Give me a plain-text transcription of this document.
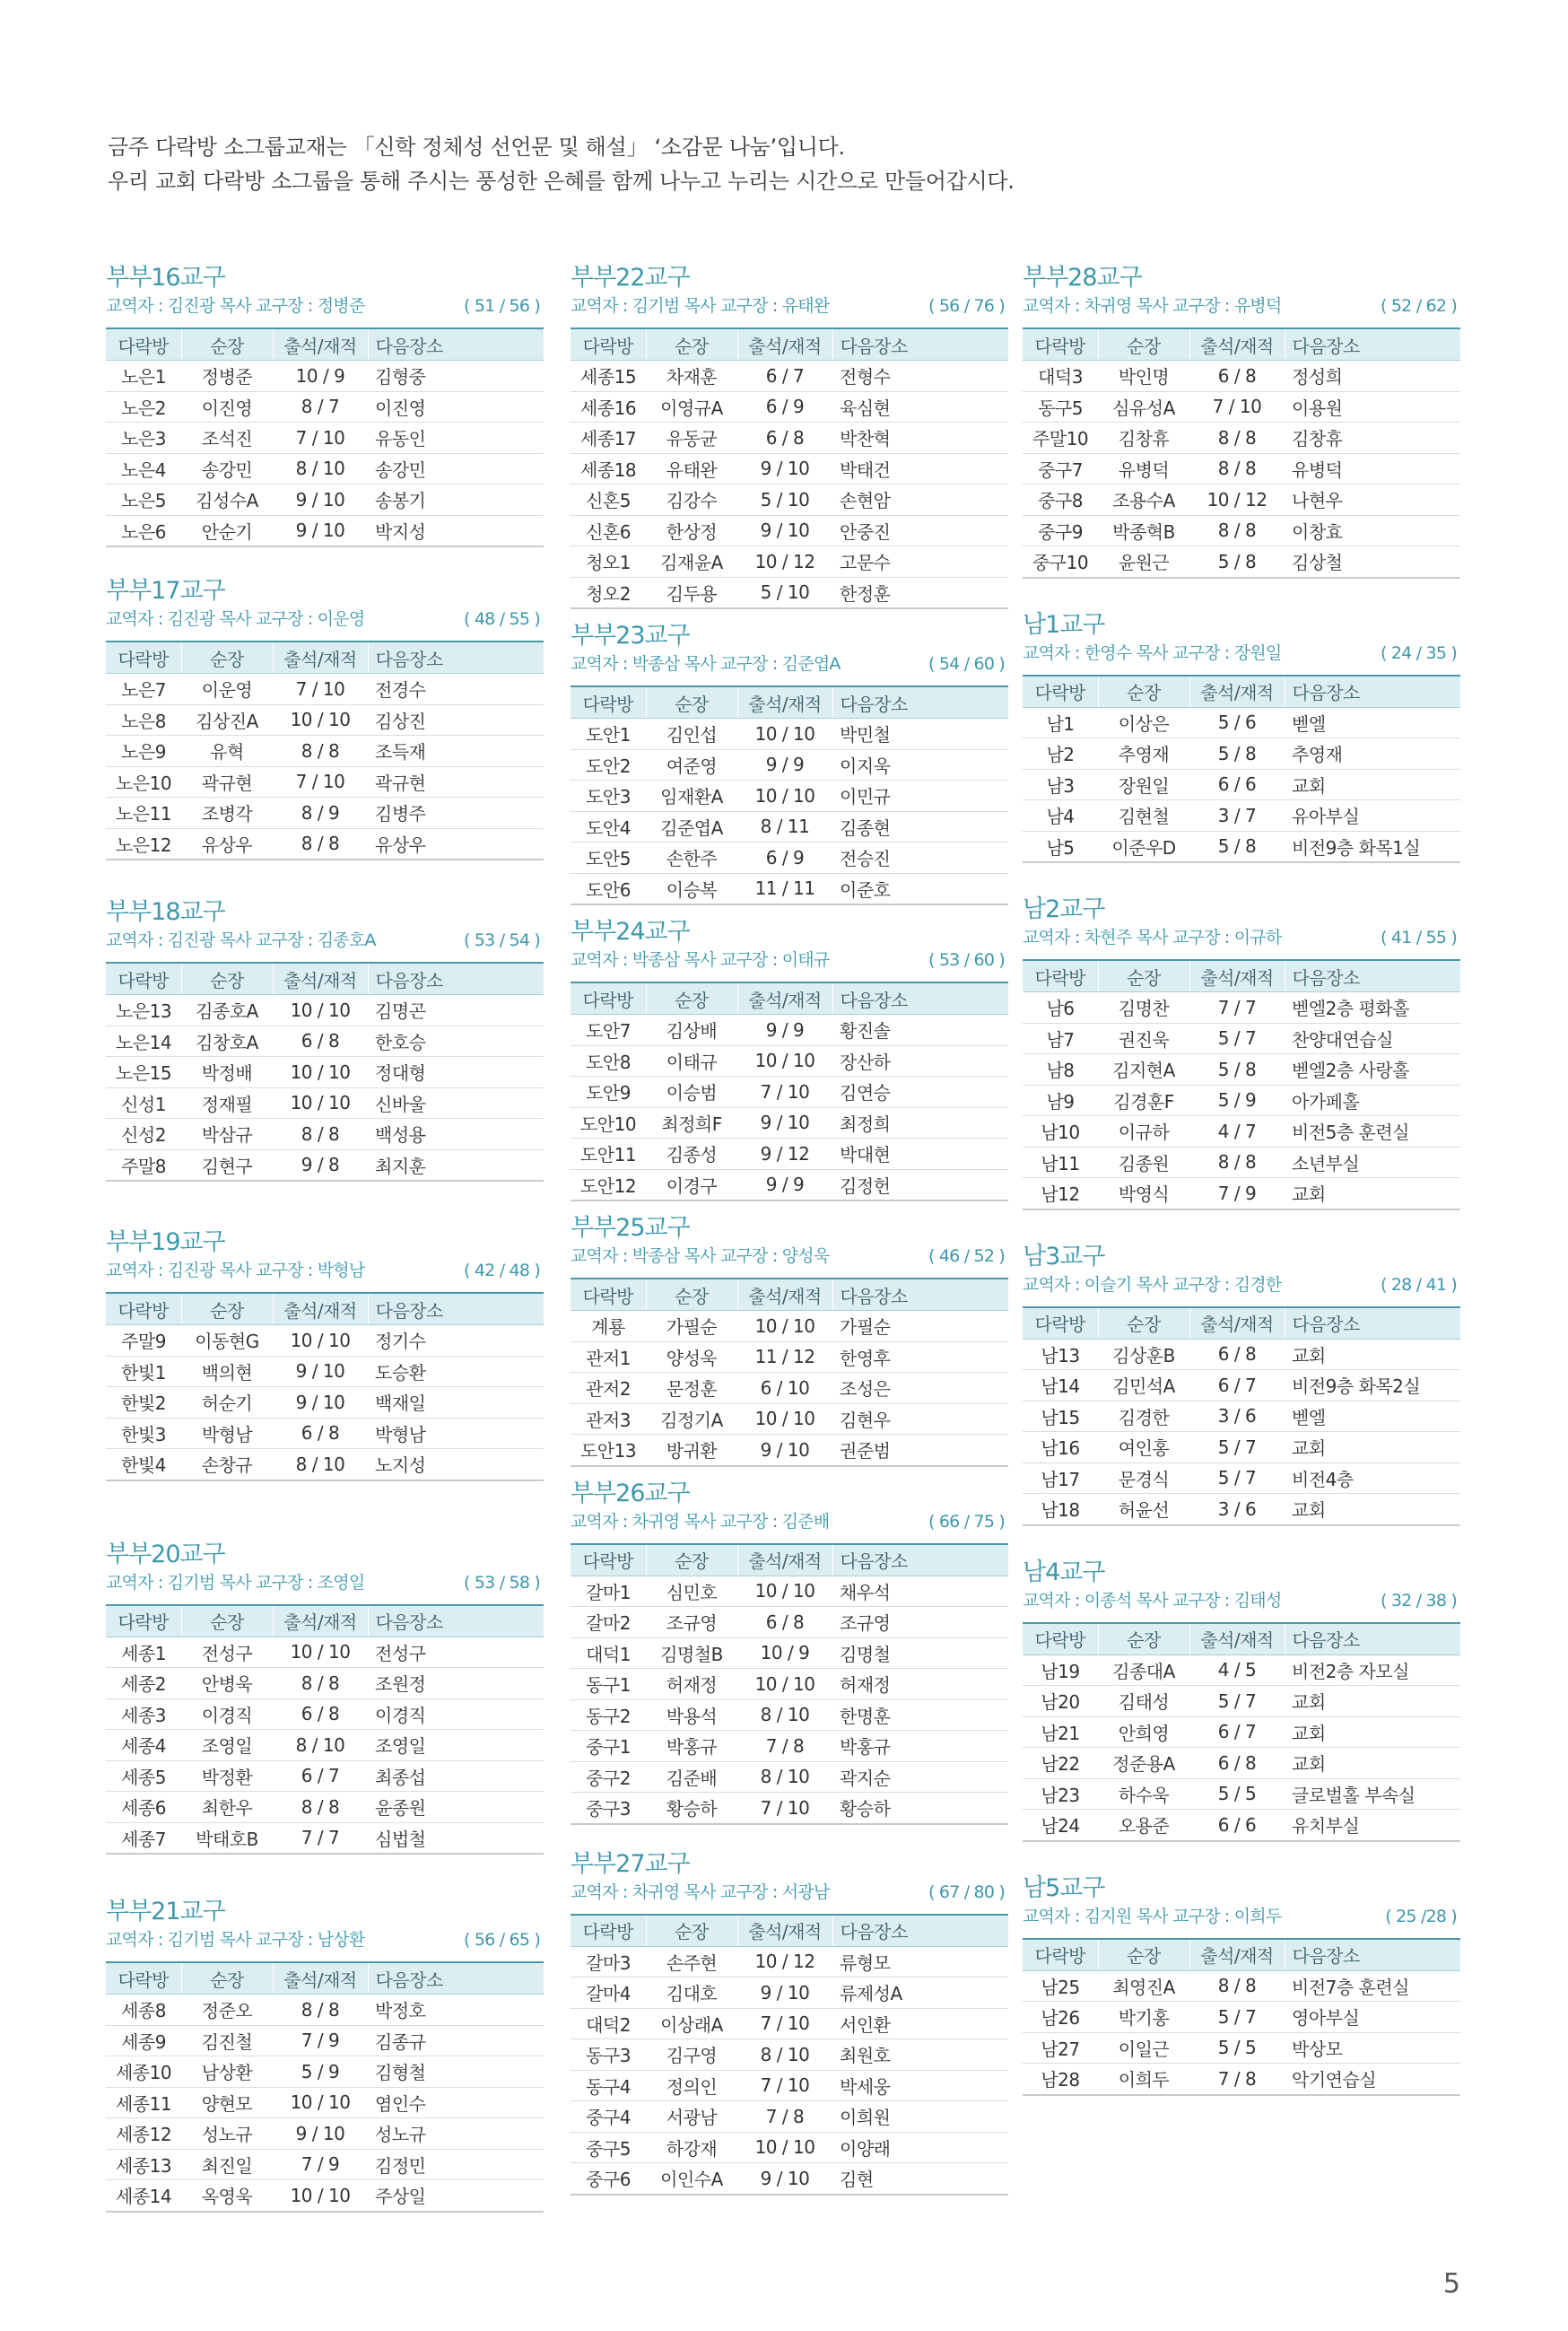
금주 다락방 소그룹교재는 「신학 정체성 선언문 및 해설」 ‘소감문 나눔’입니다.
우리 교회 다락방 소그룹을 통해 주시는 풍성한 은혜를 함께 나누고 누리는 시간으로 만들어갑시다.
부부16교구
교역자 : 김진광 목사 교구장 : 정병준	( 51 / 56 )
다락방	순장	출석/재적	다음장소
노은1	정병준	10 / 9	김형중
노은2	이진영	8 / 7	이진영
노은3	조석진	7 / 10	유동인
노은4	송강민	8 / 10	송강민
노은5	김성수A	9 / 10	송봉기
노은6	안순기	9 / 10	박지성
부부17교구
교역자 : 김진광 목사 교구장 : 이운영	( 48 / 55 )
다락방	순장	출석/재적	다음장소
노은7	이운영	7 / 10	전경수
노은8	김상진A	10 / 10	김상진
노은9	유혁	8 / 8	조득재
노은10	곽규현	7 / 10	곽규현
노은11	조병각	8 / 9	김병주
노은12	유상우	8 / 8	유상우
부부18교구
교역자 : 김진광 목사 교구장 : 김종호A	( 53 / 54 )
다락방	순장	출석/재적	다음장소
노은13	김종호A	10 / 10	김명곤
노은14	김창호A	6 / 8	한호승
노은15	박정배	10 / 10	정대형
신성1	정재필	10 / 10	신바울
신성2	박삼규	8 / 8	백성용
주말8	김현구	9 / 8	최지훈
부부19교구
교역자 : 김진광 목사 교구장 : 박형남	( 42 / 48 )
다락방	순장	출석/재적	다음장소
주말9	이동현G	10 / 10	정기수
한빛1	백의현	9 / 10	도승환
한빛2	허순기	9 / 10	백재일
한빛3	박형남	6 / 8	박형남
한빛4	손창규	8 / 10	노지성
부부20교구
교역자 : 김기범 목사 교구장 : 조영일	( 53 / 58 )
다락방	순장	출석/재적	다음장소
세종1	전성구	10 / 10	전성구
세종2	안병욱	8 / 8	조원정
세종3	이경직	6 / 8	이경직
세종4	조영일	8 / 10	조영일
세종5	박정환	6 / 7	최종섭
세종6	최한우	8 / 8	윤종원
세종7	박태호B	7 / 7	심법철
부부21교구
교역자 : 김기범 목사 교구장 : 남상환	( 56 / 65 )
다락방	순장	출석/재적	다음장소
세종8	정준오	8 / 8	박정호
세종9	김진철	7 / 9	김종규
세종10	남상환	5 / 9	김형철
세종11	양현모	10 / 10	염인수
세종12	성노규	9 / 10	성노규
세종13	최진일	7 / 9	김정민
세종14	옥영욱	10 / 10	주상일
부부22교구
교역자 : 김기범 목사 교구장 : 유태완	( 56 / 76 )
다락방	순장	출석/재적	다음장소
세종15	차재훈	6 / 7	전형수
세종16	이영규A	6 / 9	육심현
세종17	유동균	6 / 8	박찬혁
세종18	유태완	9 / 10	박태건
신혼5	김강수	5 / 10	손현암
신혼6	한상정	9 / 10	안중진
청오1	김재윤A	10 / 12	고문수
청오2	김두용	5 / 10	한정훈
부부23교구
교역자 : 박종삼 목사 교구장 : 김준엽A	( 54 / 60 )
다락방	순장	출석/재적	다음장소
도안1	김인섭	10 / 10	박민철
도안2	여준영	9 / 9	이지욱
도안3	임재환A	10 / 10	이민규
도안4	김준엽A	8 / 11	김종현
도안5	손한주	6 / 9	전승진
도안6	이승복	11 / 11	이준호
부부24교구
교역자 : 박종삼 목사 교구장 : 이태규	( 53 / 60 )
다락방	순장	출석/재적	다음장소
도안7	김상배	9 / 9	황진솔
도안8	이태규	10 / 10	장산하
도안9	이승범	7 / 10	김연승
도안10	최정희F	9 / 10	최정희
도안11	김종성	9 / 12	박대현
도안12	이경구	9 / 9	김정헌
부부25교구
교역자 : 박종삼 목사 교구장 : 양성욱	( 46 / 52 )
다락방	순장	출석/재적	다음장소
계룡	가필순	10 / 10	가필순
관저1	양성욱	11 / 12	한영후
관저2	문정훈	6 / 10	조성은
관저3	김정기A	10 / 10	김현우
도안13	방귀환	9 / 10	권준범
부부26교구
교역자 : 차귀영 목사 교구장 : 김준배	( 66 / 75 )
다락방	순장	출석/재적	다음장소
갈마1	심민호	10 / 10	채우석
갈마2	조규영	6 / 8	조규영
대덕1	김명철B	10 / 9	김명철
동구1	허재정	10 / 10	허재정
동구2	박용석	8 / 10	한명훈
중구1	박홍규	7 / 8	박홍규
중구2	김준배	8 / 10	곽지순
중구3	황승하	7 / 10	황승하
부부27교구
교역자 : 차귀영 목사 교구장 : 서광남	( 67 / 80 )
다락방	순장	출석/재적	다음장소
갈마3	손주현	10 / 12	류형모
갈마4	김대호	9 / 10	류제성A
대덕2	이상래A	7 / 10	서인환
동구3	김구영	8 / 10	최원호
동구4	정의인	7 / 10	박세웅
중구4	서광남	7 / 8	이희원
중구5	하강재	10 / 10	이양래
중구6	이인수A	9 / 10	김현
부부28교구
교역자 : 차귀영 목사 교구장 : 유병덕	( 52 / 62 )
다락방	순장	출석/재적	다음장소
대덕3	박인명	6 / 8	정성희
동구5	심유성A	7 / 10	이용원
주말10	김창휴	8 / 8	김창휴
중구7	유병덕	8 / 8	유병덕
중구8	조용수A	10 / 12	나현우
중구9	박종혁B	8 / 8	이창효
중구10	윤원근	5 / 8	김상철
남1교구
교역자 : 한영수 목사 교구장 : 장원일	( 24 / 35 )
다락방	순장	출석/재적	다음장소
남1	이상은	5 / 6	벧엘
남2	추영재	5 / 8	추영재
남3	장원일	6 / 6	교회
남4	김현철	3 / 7	유아부실
남5	이준우D	5 / 8	비전9층 화목1실
남2교구
교역자 : 차현주 목사 교구장 : 이규하	( 41 / 55 )
다락방	순장	출석/재적	다음장소
남6	김명찬	7 / 7	벧엘2층 평화홀
남7	권진욱	5 / 7	찬양대연습실
남8	김지현A	5 / 8	벧엘2층 사랑홀
남9	김경훈F	5 / 9	아가페홀
남10	이규하	4 / 7	비전5층 훈련실
남11	김종원	8 / 8	소년부실
남12	박영식	7 / 9	교회
남3교구
교역자 : 이슬기 목사 교구장 : 김경한	( 28 / 41 )
다락방	순장	출석/재적	다음장소
남13	김상훈B	6 / 8	교회
남14	김민석A	6 / 7	비전9층 화목2실
남15	김경한	3 / 6	벧엘
남16	여인홍	5 / 7	교회
남17	문경식	5 / 7	비전4층
남18	허윤선	3 / 6	교회
남4교구
교역자 : 이종석 목사 교구장 : 김태성	( 32 / 38 )
다락방	순장	출석/재적	다음장소
남19	김종대A	4 / 5	비전2층 자모실
남20	김태성	5 / 7	교회
남21	안희영	6 / 7	교회
남22	정준용A	6 / 8	교회
남23	하수욱	5 / 5	글로벌홀 부속실
남24	오용준	6 / 6	유치부실
남5교구
교역자 : 김지원 목사 교구장 : 이희두	( 25 /28 )
다락방	순장	출석/재적	다음장소
남25	최영진A	8 / 8	비전7층 훈련실
남26	박기홍	5 / 7	영아부실
남27	이일근	5 / 5	박상모
남28	이희두	7 / 8	악기연습실
5
